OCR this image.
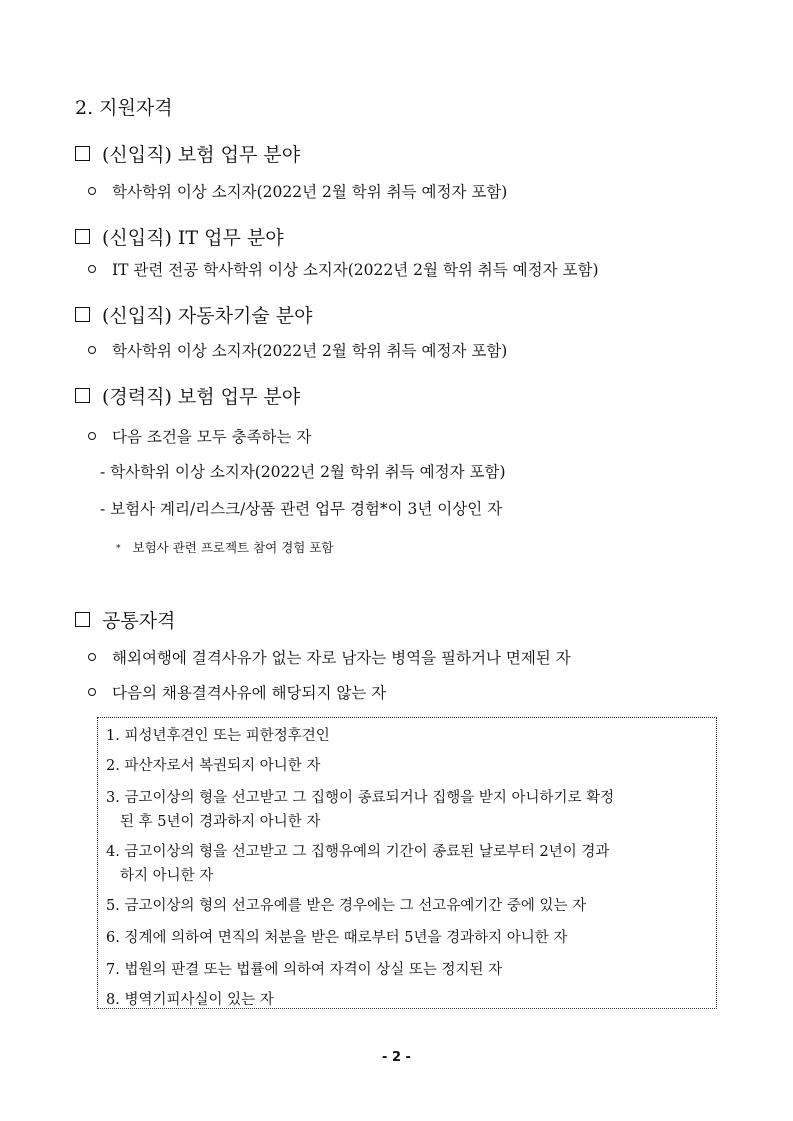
2. 지원자격
(신입직) 보험 업무 분야
학사학위 이상 소지자(2022년 2월 학위 취득 예정자 포함)
(신입직) IT 업무 분야
IT 관련 전공 학사학위 이상 소지자(2022년 2월 학위 취득 예정자 포함)
(신입직) 자동차기술 분야
학사학위 이상 소지자(2022년 2월 학위 취득 예정자 포함)
(경력직) 보험 업무 분야
다음 조건을 모두 충족하는 자
- 학사학위 이상 소지자(2022년 2월 학위 취득 예정자 포함)
- 보험사 계리/리스크/상품 관련 업무 경험*이 3년 이상인 자
* 보험사 관련 프로젝트 참여 경험 포함
공통자격
해외여행에 결격사유가 없는 자로 남자는 병역을 필하거나 면제된 자
다음의 채용결격사유에 해당되지 않는 자
1. 피성년후견인 또는 피한정후견인
2. 파산자로서 복권되지 아니한 자
3. 금고이상의 형을 선고받고 그 집행이 종료되거나 집행을 받지 아니하기로 확정
된 후 5년이 경과하지 아니한 자
4. 금고이상의 형을 선고받고 그 집행유예의 기간이 종료된 날로부터 2년이 경과
하지 아니한 자
5. 금고이상의 형의 선고유예를 받은 경우에는 그 선고유예기간 중에 있는 자
6. 징계에 의하여 면직의 처분을 받은 때로부터 5년을 경과하지 아니한 자
7. 법원의 판결 또는 법률에 의하여 자격이 상실 또는 정지된 자
8. 병역기피사실이 있는 자
- 2 -
